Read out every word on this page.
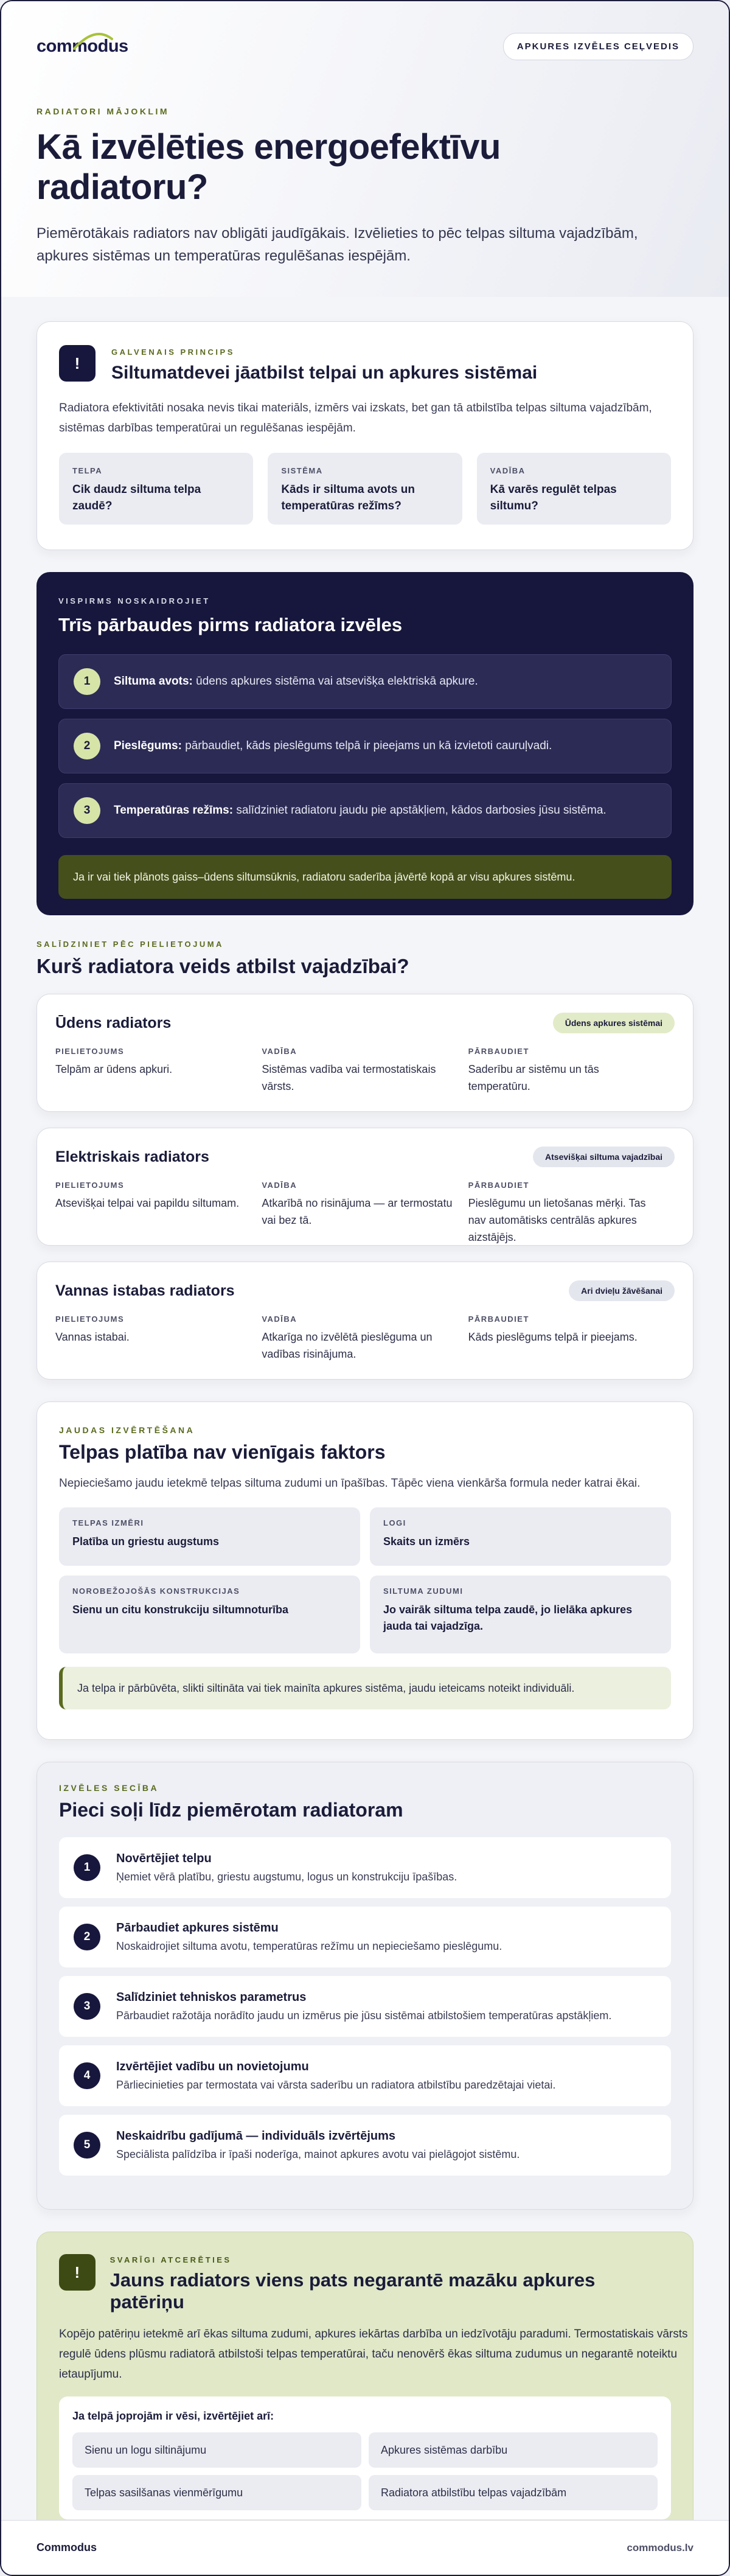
commodus	APKURES IZVĒLES CEĻVEDIS
RADIATORI MĀJOKLIM
Kā izvēlēties energoefektīvu
radiatoru?

Piemērotākais radiators nav obligāti jaudīgākais. Izvēlieties to pēc telpas siltuma vajadzībām, apkures sistēmas un temperatūras regulēšanas iespējām.

!
GALVENAIS PRINCIPS
Siltumatdevei jāatbilst telpai un apkures sistēmai

Radiatora efektivitāti nosaka nevis tikai materiāls, izmērs vai izskats, bet gan tā atbilstība telpas siltuma vajadzībām, sistēmas darbības temperatūrai un regulēšanas iespējām.

TELPA
Cik daudz siltuma telpa zaudē?
SISTĒMA
Kāds ir siltuma avots un temperatūras režīms?
VADĪBA
Kā varēs regulēt telpas siltumu?
VISPIRMS NOSKAIDROJIET
Trīs pārbaudes pirms radiatora izvēles
1	Siltuma avots: ūdens apkures sistēma vai atsevišķa elektriskā apkure.
2	Pieslēgums: pārbaudiet, kāds pieslēgums telpā ir pieejams un kā izvietoti cauruļvadi.
3	Temperatūras režīms: salīdziniet radiatoru jaudu pie apstākļiem, kādos darbosies jūsu sistēma.
Ja ir vai tiek plānots gaiss–ūdens siltumsūknis, radiatoru saderība jāvērtē kopā ar visu apkures sistēmu.
SALĪDZINIET PĒC PIELIETOJUMA
Kurš radiatora veids atbilst vajadzībai?
Ūdens radiators	Ūdens apkures sistēmai
PIELIETOJUMS
Telpām ar ūdens apkuri.
VADĪBA
Sistēmas vadība vai termostatiskais vārsts.
PĀRBAUDIET
Saderību ar sistēmu un tās temperatūru.
Elektriskais radiators	Atsevišķai siltuma vajadzībai
PIELIETOJUMS
Atsevišķai telpai vai papildu siltumam.
VADĪBA
Atkarībā no risinājuma — ar termostatu vai bez tā.
PĀRBAUDIET
Pieslēgumu un lietošanas mērķi. Tas nav automātisks centrālās apkures aizstājējs.
Vannas istabas radiators	Ari dvieļu žāvēšanai
PIELIETOJUMS
Vannas istabai.
VADĪBA
Atkarīga no izvēlētā pieslēguma un vadības risinājuma.
PĀRBAUDIET
Kāds pieslēgums telpā ir pieejams.
JAUDAS IZVĒRTĒŠANA
Telpas platība nav vienīgais faktors

Nepieciešamo jaudu ietekmē telpas siltuma zudumi un īpašības. Tāpēc viena vienkārša formula neder katrai ēkai.

TELPAS IZMĒRI
Platība un griestu augstums
LOGI
Skaits un izmērs
NOROBEŽOJOŠĀS KONSTRUKCIJAS
Sienu un citu konstrukciju siltumnoturība
SILTUMA ZUDUMI
Jo vairāk siltuma telpa zaudē, jo lielāka apkures jauda tai vajadzīga.
Ja telpa ir pārbūvēta, slikti siltināta vai tiek mainīta apkures sistēma, jaudu ieteicams noteikt individuāli.
IZVĒLES SECĪBA
Pieci soļi līdz piemērotam radiatoram
1
Novērtējiet telpu
Ņemiet vērā platību, griestu augstumu, logus un konstrukciju īpašības.
2
Pārbaudiet apkures sistēmu
Noskaidrojiet siltuma avotu, temperatūras režīmu un nepieciešamo pieslēgumu.
3
Salīdziniet tehniskos parametrus
Pārbaudiet ražotāja norādīto jaudu un izmērus pie jūsu sistēmai atbilstošiem temperatūras apstākļiem.
4
Izvērtējiet vadību un novietojumu
Pārliecinieties par termostata vai vārsta saderību un radiatora atbilstību paredzētajai vietai.
5
Neskaidrību gadījumā — individuāls izvērtējums
Speciālista palīdzība ir īpaši noderīga, mainot apkures avotu vai pielāgojot sistēmu.
!
SVARĪGI ATCERĒTIES
Jauns radiators viens pats negarantē mazāku apkures patēriņu

Kopējo patēriņu ietekmē arī ēkas siltuma zudumi, apkures iekārtas darbība un iedzīvotāju paradumi. Termostatiskais vārsts regulē ūdens plūsmu radiatorā atbilstoši telpas temperatūrai, taču nenovērš ēkas siltuma zudumus un negarantē noteiktu ietaupījumu.

Ja telpā joprojām ir vēsi, izvērtējiet arī:
Sienu un logu siltinājumu	Apkures sistēmas darbību
Telpas sasilšanas vienmērīgumu	Radiatora atbilstību telpas vajadzībām
Commodus	commodus.lv
